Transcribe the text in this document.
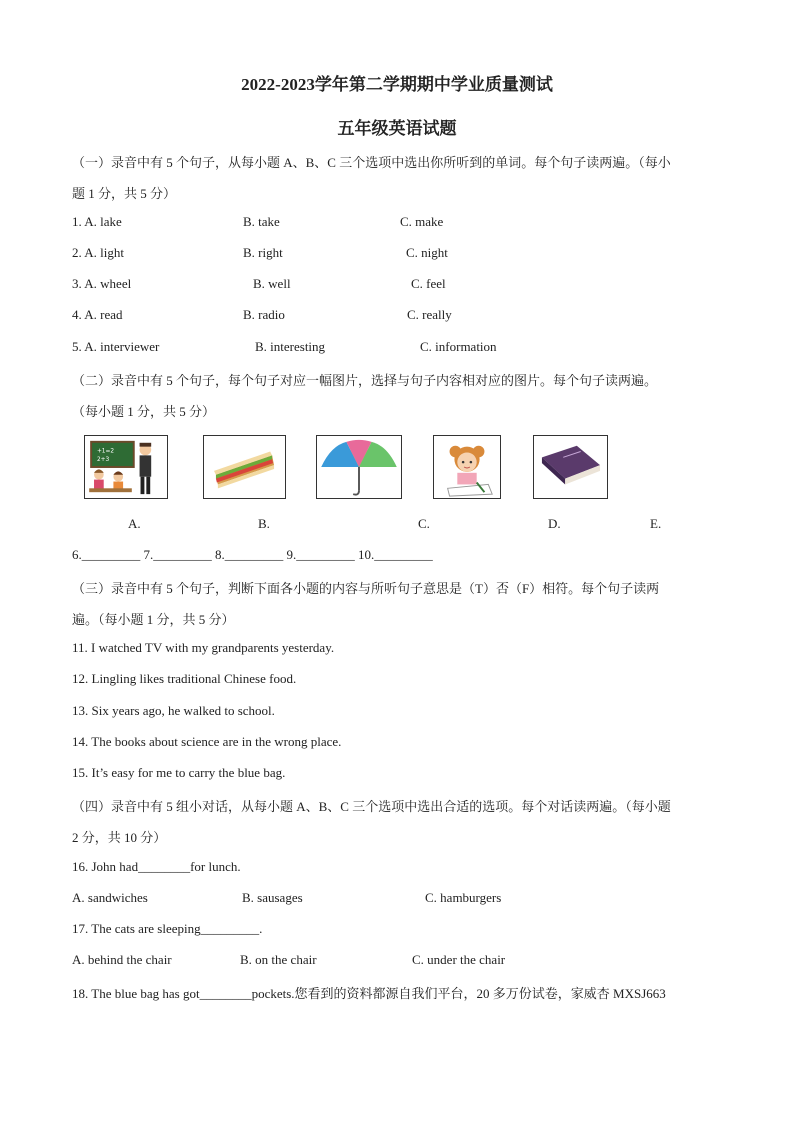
2022-2023学年第二学期期中学业质量测试
五年级英语试题
（一）录音中有 5 个句子，从每小题 A、B、C 三个选项中选出你所听到的单词。每个句子读两遍。（每小
题 1 分，共 5 分）
1. A. lake	B. take	C. make
2. A. light	B. right	C. night
3. A. wheel	B. well	C. feel
4. A. read	B. radio	C. really
5. A. interviewer	B. interesting	C. information
（二）录音中有 5 个句子，每个句子对应一幅图片，选择与句子内容相对应的图片。每个句子读两遍。
（每小题 1 分，共 5 分）
+1=2
2+3
A.	B.	C.	D.	E.
6._________ 7._________ 8._________ 9._________ 10._________
（三）录音中有 5 个句子，判断下面各小题的内容与所听句子意思是（T）否（F）相符。每个句子读两
遍。（每小题 1 分，共 5 分）
11. I watched TV with my grandparents yesterday.
12. Lingling likes traditional Chinese food.
13. Six years ago, he walked to school.
14. The books about science are in the wrong place.
15. It’s easy for me to carry the blue bag.
（四）录音中有 5 组小对话，从每小题 A、B、C 三个选项中选出合适的选项。每个对话读两遍。（每小题
2 分，共 10 分）
16. John had________for lunch.
A. sandwiches	B. sausages	C. hamburgers
17. The cats are sleeping_________.
A. behind the chair	B. on the chair	C. under the chair
18. The blue bag has got________pockets.您看到的资料都源自我们平台，20 多万份试卷，家威杏 MXSJ663
